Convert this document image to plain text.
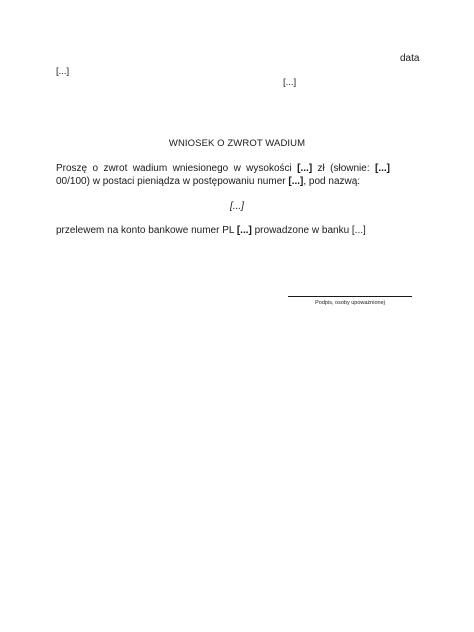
data
[...]
[...]
WNIOSEK O ZWROT WADIUM
Proszę o zwrot wadium wniesionego w wysokości [...] zł (słownie: [...] 00/100) w postaci pieniądza w postępowaniu numer [...], pod nazwą:
[...]
przelewem na konto bankowe numer PL [...] prowadzone w banku [...]
Podpis, osoby upoważnionej
